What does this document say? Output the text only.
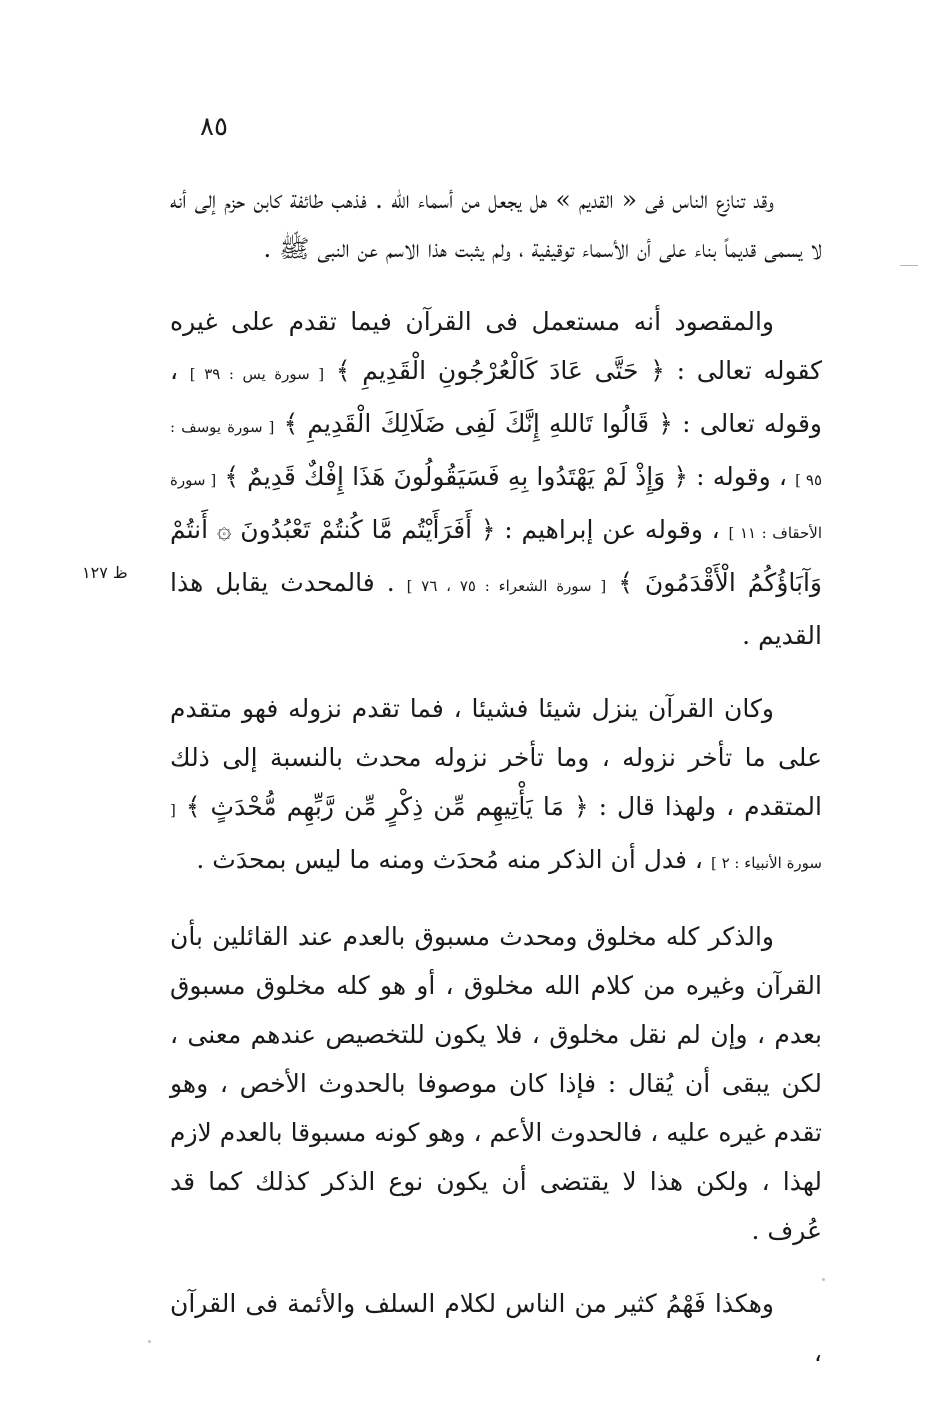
٨٥

وقد تنازع الناس فى « القديم » هل يجعل من أسماء الله . فذهب طائفة كابن حزم إلى أنه لا يسمى قديماً بناء على أن الأسماء توقيفية ، ولم يثبت هذا الاسم عن النبى ﷺ .

والمقصود أنه مستعمل فى القرآن فيما تقدم على غيره كقوله تعالى : ﴿ حَتَّى عَادَ كَالْعُرْجُونِ الْقَدِيمِ ﴾ [ سورة يس : ٣٩ ] ، وقوله تعالى : ﴿ قَالُوا تَاللهِ إِنَّكَ لَفِى ضَلَالِكَ الْقَدِيمِ ﴾ [ سورة يوسف : ٩٥ ] ، وقوله : ﴿ وَإِذْ لَمْ يَهْتَدُوا بِهِ فَسَيَقُولُونَ هَذَا إِفْكٌ قَدِيمٌ ﴾ [ سورة الأحقاف : ١١ ] ، وقوله عن إبراهيم : ﴿ أَفَرَأَيْتُم مَّا كُنتُمْ تَعْبُدُونَ ۞ أَنتُمْ وَآبَاؤُكُمُ الْأَقْدَمُونَ ﴾ [ سورة الشعراء : ٧٥ ، ٧٦ ] . فالمحدث يقابل هذا القديم .

وكان القرآن ينزل شيئا فشيئا ، فما تقدم نزوله فهو متقدم على ما تأخر نزوله ، وما تأخر نزوله محدث بالنسبة إلى ذلك المتقدم ، ولهذا قال : ﴿ مَا يَأْتِيهِم مِّن ذِكْرٍ مِّن رَّبِّهِم مُّحْدَثٍ ﴾ [ سورة الأنبياء : ٢ ] ، فدل أن الذكر منه مُحدَث ومنه ما ليس بمحدَث .

والذكر كله مخلوق ومحدث مسبوق بالعدم عند القائلين بأن القرآن وغيره من كلام الله مخلوق ، أو هو كله مخلوق مسبوق بعدم ، وإن لم نقل مخلوق ، فلا يكون للتخصيص عندهم معنى ، لكن يبقى أن يُقال : فإذا كان موصوفا بالحدوث الأخص ، وهو تقدم غيره عليه ، فالحدوث الأعم ، وهو كونه مسبوقا بالعدم لازم لهذا ، ولكن هذا لا يقتضى أن يكون نوع الذكر كذلك كما قد عُرف .

وهكذا فَهْمُ كثير من الناس لكلام السلف والأئمة فى القرآن ،

ظ ١٢٧
